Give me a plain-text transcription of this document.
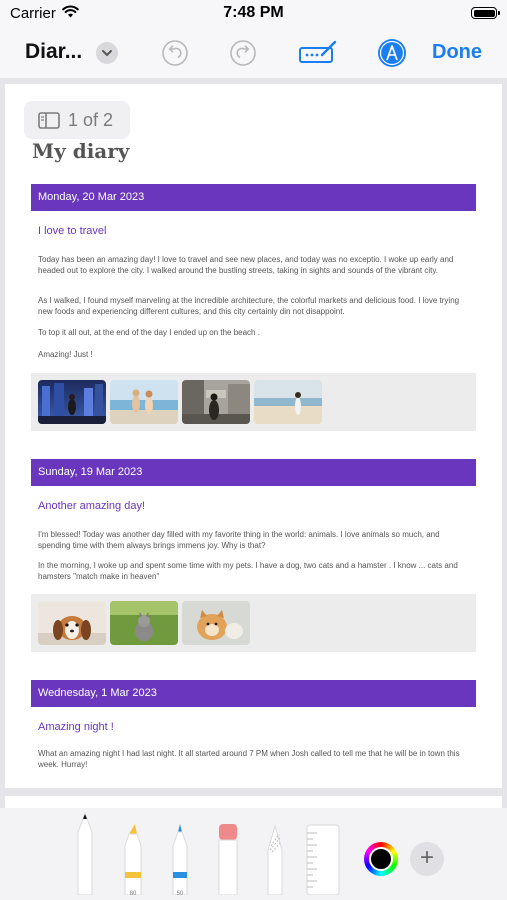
Carrier	7:48 PM
Diar...	Done
1 of 2
My diary
Monday, 20 Mar 2023
I love to travel
Today has been an amazing day! I love to travel and see new places, and today was no exceptio. I woke up early and headed out to explore the city. I walked around the bustling streets, taking in sights and sounds of the vibrant city.
As I walked, I found myself marveling at the incredible architecture, the colorful markets and delicious food. I love trying new foods and experiencing different cultures, and this city certainly din not disappoint.
To top it all out, at the end of the day I ended up on the beach .
Amazing! Just !
Sunday, 19 Mar 2023
Another amazing day!
I'm blessed! Today was another day filled with my favorite thing in the world: animals. I love animals so much, and spending time with them always brings immens joy. Why is that?
In the morning, I woke up and spent some time with my pets. I have a dog, two cats and a hamster . I know ... cats and hamsters "match make in heaven"
Wednesday, 1 Mar 2023
Amazing night !
What an amazing night I had last night. It all started around 7 PM when Josh called to tell me that he will be in town this week. Hurray!
80	50
+
